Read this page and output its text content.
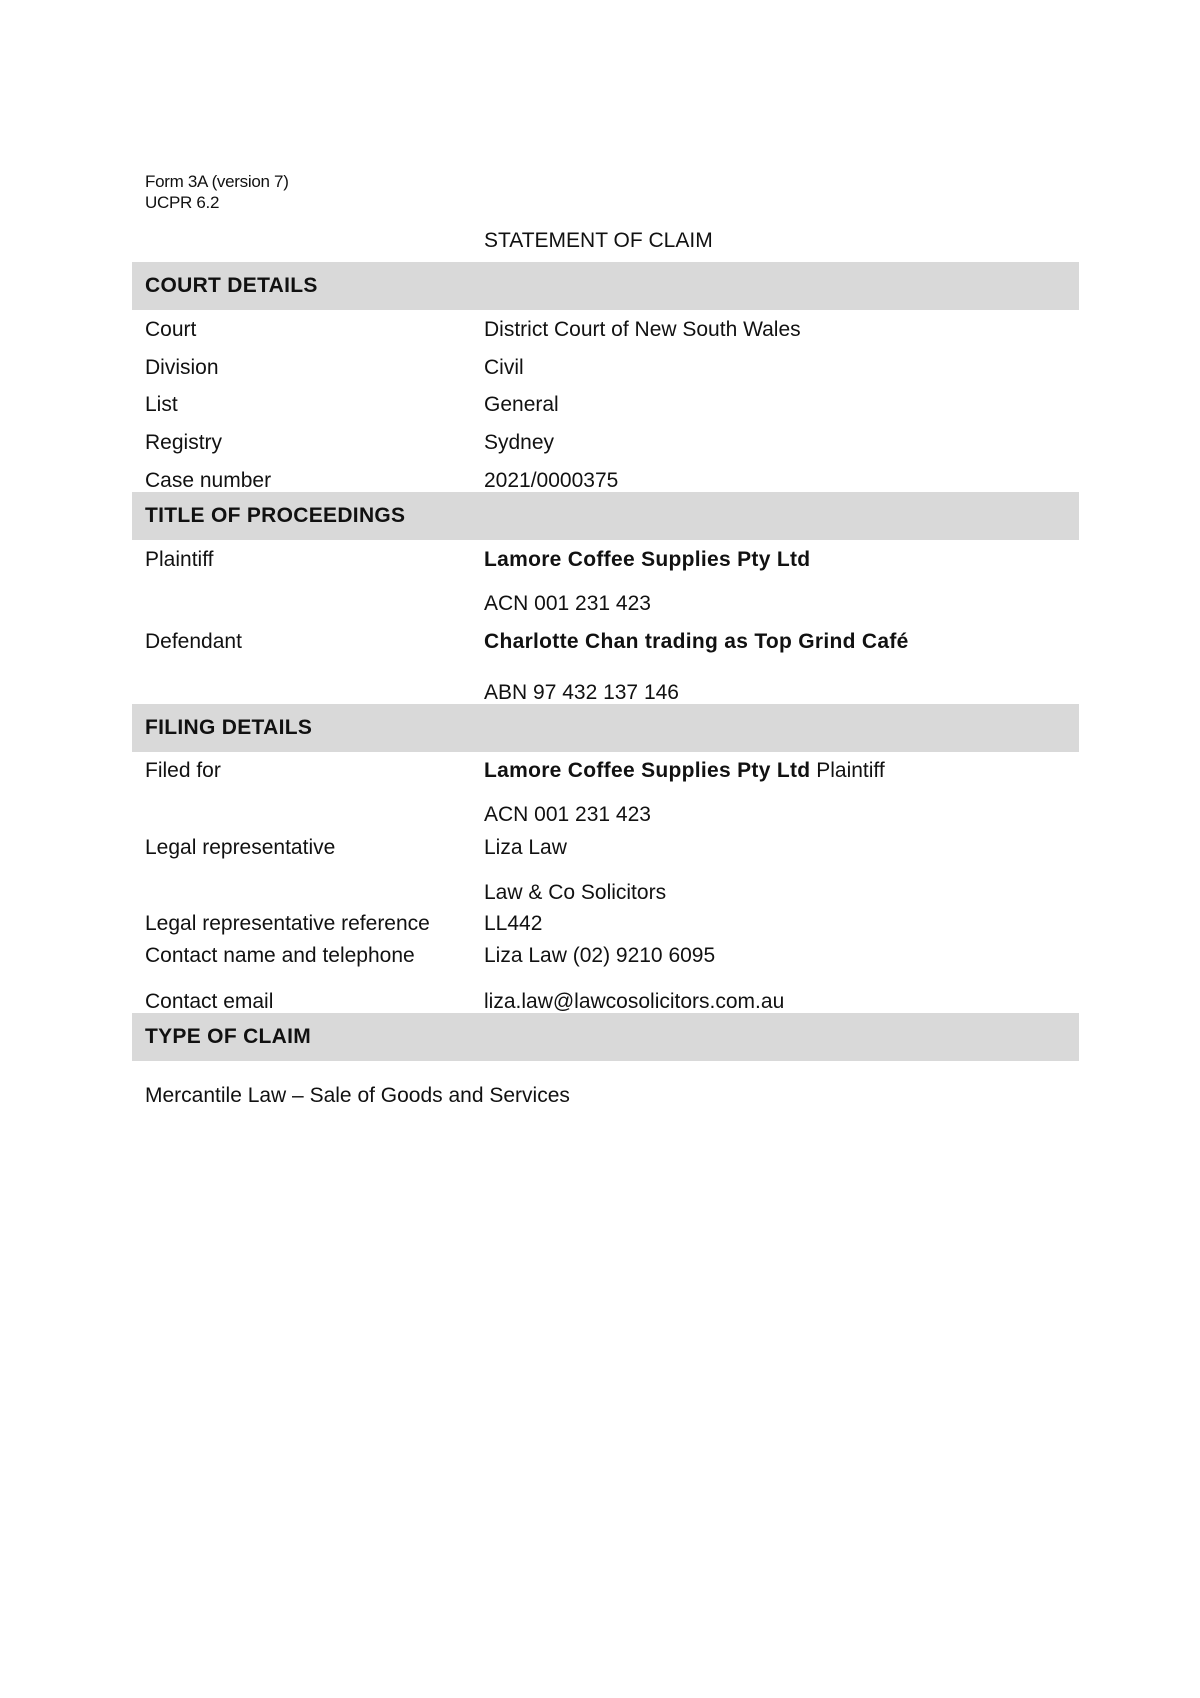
Form 3A (version 7)
UCPR 6.2
STATEMENT OF CLAIM
COURT DETAILS
Court	District Court of New South Wales
Division	Civil
List	General
Registry	Sydney
Case number	2021/0000375
TITLE OF PROCEEDINGS
Plaintiff	Lamore Coffee Supplies Pty Ltd
ACN 001 231 423
Defendant	Charlotte Chan trading as Top Grind Café
ABN 97 432 137 146
FILING DETAILS
Filed for	Lamore Coffee Supplies Pty Ltd Plaintiff
ACN 001 231 423
Legal representative	Liza Law
Law & Co Solicitors
Legal representative reference	LL442
Contact name and telephone	Liza Law (02) 9210 6095
Contact email	liza.law@lawcosolicitors.com.au
TYPE OF CLAIM
Mercantile Law – Sale of Goods and Services
